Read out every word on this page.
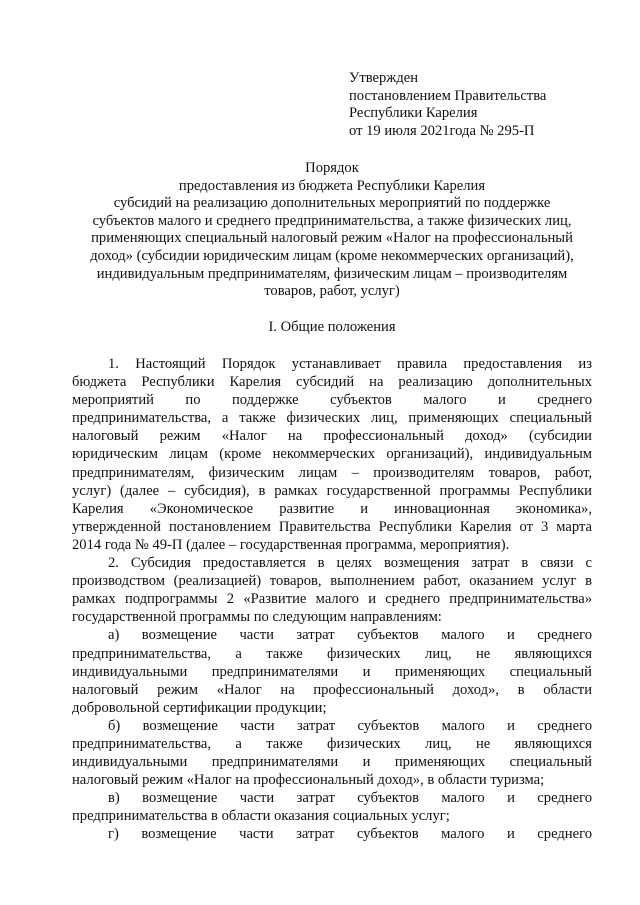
Утвержден
постановлением Правительства
Республики Карелия
от 19 июля 2021года № 295-П
Порядок
предоставления из бюджета Республики Карелия
субсидий на реализацию дополнительных мероприятий по поддержке
субъектов малого и среднего предпринимательства, а также физических лиц,
применяющих специальный налоговый режим «Налог на профессиональный
доход» (субсидии юридическим лицам (кроме некоммерческих организаций),
индивидуальным предпринимателям, физическим лицам – производителям
товаров, работ, услуг)
I. Общие положения
1. Настоящий Порядок устанавливает правила предоставления из
бюджета Республики Карелия субсидий на реализацию дополнительных
мероприятий по поддержке субъектов малого и среднего
предпринимательства, а также физических лиц, применяющих специальный
налоговый режим «Налог на профессиональный доход» (субсидии
юридическим лицам (кроме некоммерческих организаций), индивидуальным
предпринимателям, физическим лицам – производителям товаров, работ,
услуг) (далее – субсидия), в рамках государственной программы Республики
Карелия «Экономическое развитие и инновационная экономика»,
утвержденной постановлением Правительства Республики Карелия от 3 марта
2014 года № 49-П (далее – государственная программа, мероприятия).
2. Субсидия предоставляется в целях возмещения затрат в связи с
производством (реализацией) товаров, выполнением работ, оказанием услуг в
рамках подпрограммы 2 «Развитие малого и среднего предпринимательства»
государственной программы по следующим направлениям:
а) возмещение части затрат субъектов малого и среднего
предпринимательства, а также физических лиц, не являющихся
индивидуальными предпринимателями и применяющих специальный
налоговый режим «Налог на профессиональный доход», в области
добровольной сертификации продукции;
б) возмещение части затрат субъектов малого и среднего
предпринимательства, а также физических лиц, не являющихся
индивидуальными предпринимателями и применяющих специальный
налоговый режим «Налог на профессиональный доход», в области туризма;
в) возмещение части затрат субъектов малого и среднего
предпринимательства в области оказания социальных услуг;
г) возмещение части затрат субъектов малого и среднего
